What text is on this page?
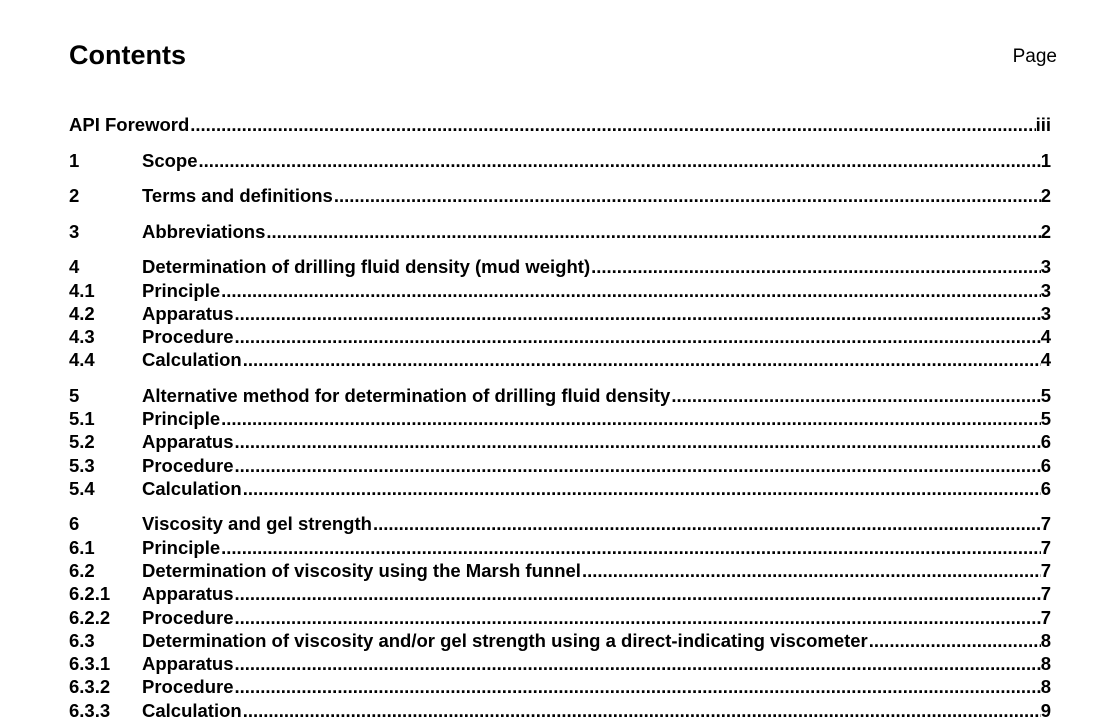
Contents	Page
API Foreword .....	iii
1	Scope .....	1
2	Terms and definitions .....	2
3	Abbreviations .....	2
4	Determination of drilling fluid density (mud weight) .....	3
4.1	Principle .....	3
4.2	Apparatus .....	3
4.3	Procedure .....	4
4.4	Calculation .....	4
5	Alternative method for determination of drilling fluid density .....	5
5.1	Principle .....	5
5.2	Apparatus .....	6
5.3	Procedure .....	6
5.4	Calculation .....	6
6	Viscosity and gel strength .....	7
6.1	Principle .....	7
6.2	Determination of viscosity using the Marsh funnel .....	7
6.2.1	Apparatus .....	7
6.2.2	Procedure .....	7
6.3	Determination of viscosity and/or gel strength using a direct-indicating viscometer .....	8
6.3.1	Apparatus .....	8
6.3.2	Procedure .....	8
6.3.3	Calculation .....	9
